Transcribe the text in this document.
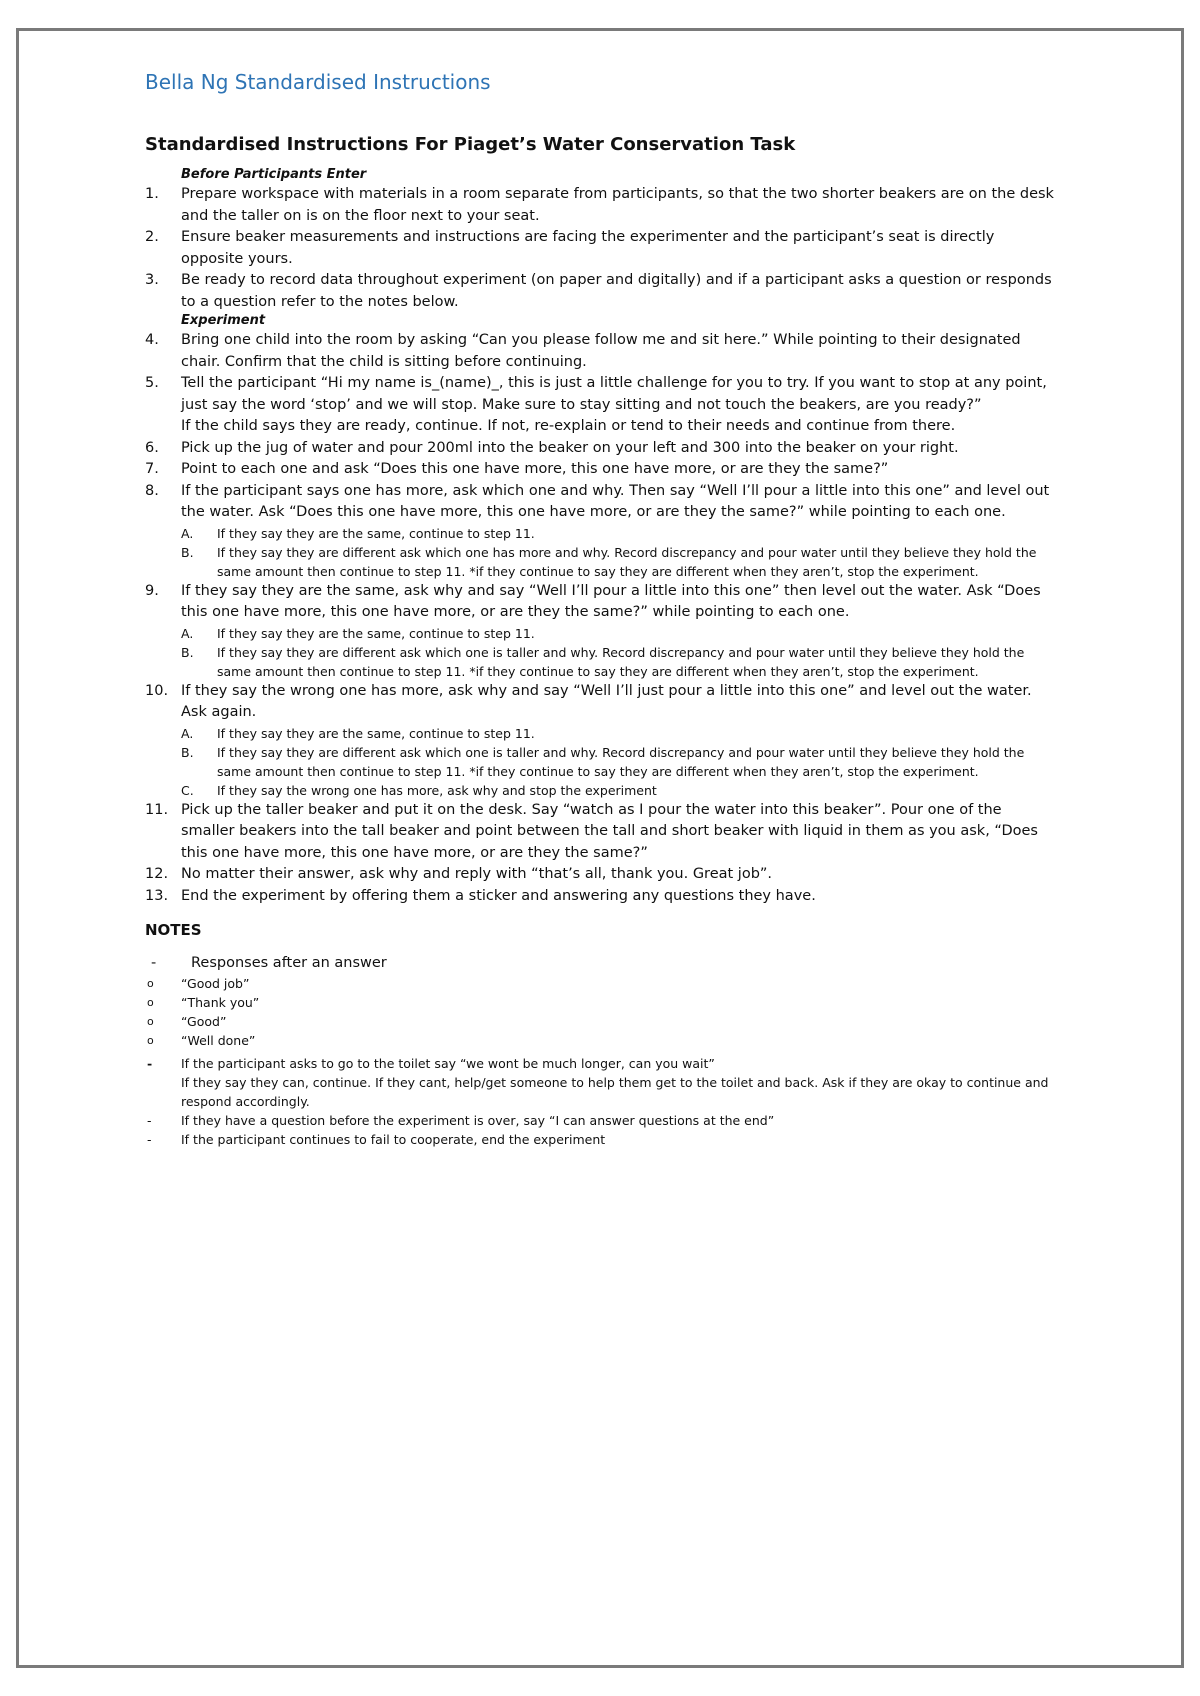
Bella Ng Standardised Instructions
Standardised Instructions For Piaget’s Water Conservation Task
Before Participants Enter
1. Prepare workspace with materials in a room separate from participants, so that the two shorter beakers are on the desk and the taller on is on the floor next to your seat.
2. Ensure beaker measurements and instructions are facing the experimenter and the participant’s seat is directly opposite yours.
3. Be ready to record data throughout experiment (on paper and digitally) and if a participant asks a question or responds to a question refer to the notes below.
Experiment
4. Bring one child into the room by asking “Can you please follow me and sit here.” While pointing to their designated chair. Confirm that the child is sitting before continuing.
5. Tell the participant “Hi my name is_(name)_, this is just a little challenge for you to try. If you want to stop at any point, just say the word ‘stop’ and we will stop. Make sure to stay sitting and not touch the beakers, are you ready?”
If the child says they are ready, continue. If not, re-explain or tend to their needs and continue from there.
6. Pick up the jug of water and pour 200ml into the beaker on your left and 300 into the beaker on your right.
7. Point to each one and ask “Does this one have more, this one have more, or are they the same?”
8. If the participant says one has more, ask which one and why. Then say “Well I’ll pour a little into this one” and level out the water. Ask “Does this one have more, this one have more, or are they the same?” while pointing to each one.
A. If they say they are the same, continue to step 11.
B. If they say they are different ask which one has more and why. Record discrepancy and pour water until they believe they hold the same amount then continue to step 11. *if they continue to say they are different when they aren’t, stop the experiment.
9. If they say they are the same, ask why and say “Well I’ll pour a little into this one” then level out the water. Ask “Does this one have more, this one have more, or are they the same?” while pointing to each one.
A. If they say they are the same, continue to step 11.
B. If they say they are different ask which one is taller and why. Record discrepancy and pour water until they believe they hold the same amount then continue to step 11. *if they continue to say they are different when they aren’t, stop the experiment.
10. If they say the wrong one has more, ask why and say “Well I’ll just pour a little into this one” and level out the water. Ask again.
A. If they say they are the same, continue to step 11.
B. If they say they are different ask which one is taller and why. Record discrepancy and pour water until they believe they hold the same amount then continue to step 11. *if they continue to say they are different when they aren’t, stop the experiment.
C. If they say the wrong one has more, ask why and stop the experiment
11. Pick up the taller beaker and put it on the desk. Say “watch as I pour the water into this beaker”. Pour one of the smaller beakers into the tall beaker and point between the tall and short beaker with liquid in them as you ask, “Does this one have more, this one have more, or are they the same?”
12. No matter their answer, ask why and reply with “that’s all, thank you. Great job”.
13. End the experiment by offering them a sticker and answering any questions they have.
NOTES
- Responses after an answer
o “Good job”
o “Thank you”
o “Good”
o “Well done”
- If the participant asks to go to the toilet say “we wont be much longer, can you wait”
If they say they can, continue. If they cant, help/get someone to help them get to the toilet and back. Ask if they are okay to continue and respond accordingly.
- If they have a question before the experiment is over, say “I can answer questions at the end”
- If the participant continues to fail to cooperate, end the experiment
